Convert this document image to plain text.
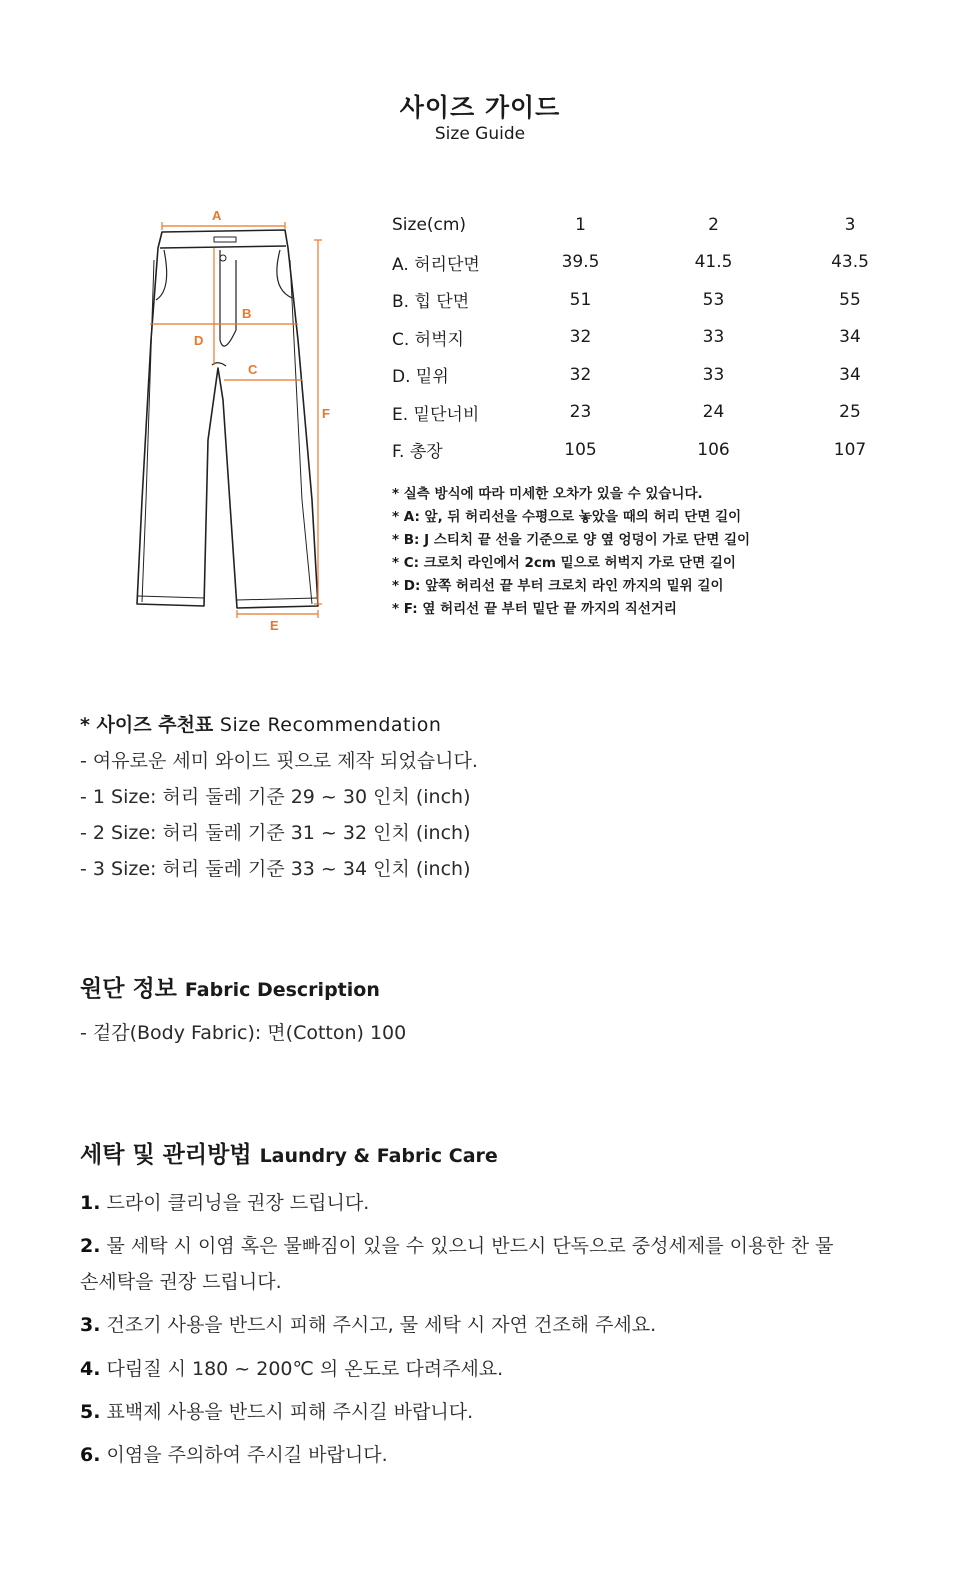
사이즈 가이드
Size Guide
A
B
C
D
E
F
Size(cm)	1	2	3
A. 허리단면	39.5	41.5	43.5
B. 힙 단면	51	53	55
C. 허벅지	32	33	34
D. 밑위	32	33	34
E. 밑단너비	23	24	25
F. 총장	105	106	107
* 실측 방식에 따라 미세한 오차가 있을 수 있습니다.
* A: 앞, 뒤 허리선을 수평으로 놓았을 때의 허리 단면 길이
* B: J 스티치 끝 선을 기준으로 양 옆 엉덩이 가로 단면 길이
* C: 크로치 라인에서 2cm 밑으로 허벅지 가로 단면 길이
* D: 앞쪽 허리선 끝 부터 크로치 라인 까지의 밑위 길이
* F: 옆 허리선 끝 부터 밑단 끝 까지의 직선거리
* 사이즈 추천표 Size Recommendation
- 여유로운 세미 와이드 핏으로 제작 되었습니다.
- 1 Size: 허리 둘레 기준 29 ~ 30 인치 (inch)
- 2 Size: 허리 둘레 기준 31 ~ 32 인치 (inch)
- 3 Size: 허리 둘레 기준 33 ~ 34 인치 (inch)
원단 정보 Fabric Description
- 겉감(Body Fabric): 면(Cotton) 100
세탁 및 관리방법 Laundry & Fabric Care
1. 드라이 클리닝을 권장 드립니다.
2. 물 세탁 시 이염 혹은 물빠짐이 있을 수 있으니 반드시 단독으로 중성세제를 이용한 찬 물
손세탁을 권장 드립니다.
3. 건조기 사용을 반드시 피해 주시고, 물 세탁 시 자연 건조해 주세요.
4. 다림질 시 180 ~ 200℃ 의 온도로 다려주세요.
5. 표백제 사용을 반드시 피해 주시길 바랍니다.
6. 이염을 주의하여 주시길 바랍니다.
